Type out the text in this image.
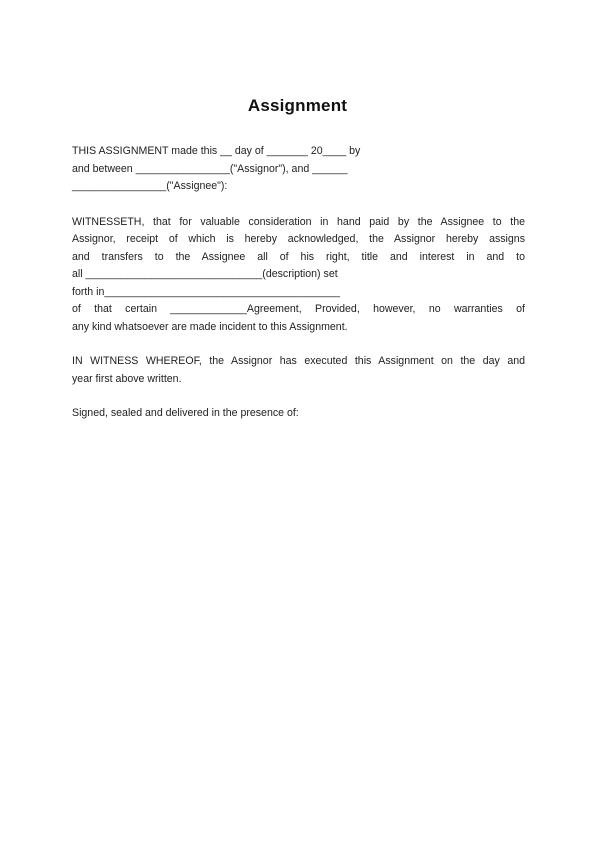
Assignment
THIS ASSIGNMENT made this __ day of _______ 20____ by
and between ________________("Assignor"), and ______
________________("Assignee"):
WITNESSETH, that for valuable consideration in hand paid by the Assignee to the
Assignor, receipt of which is hereby acknowledged, the Assignor hereby assigns
and transfers to the Assignee all of his right, title and interest in and to
all ______________________________(description) set
forth in________________________________________
of that certain _____________Agreement, Provided, however, no warranties of
any kind whatsoever are made incident to this Assignment.
IN WITNESS WHEREOF, the Assignor has executed this Assignment on the day and
year first above written.
Signed, sealed and delivered in the presence of:
